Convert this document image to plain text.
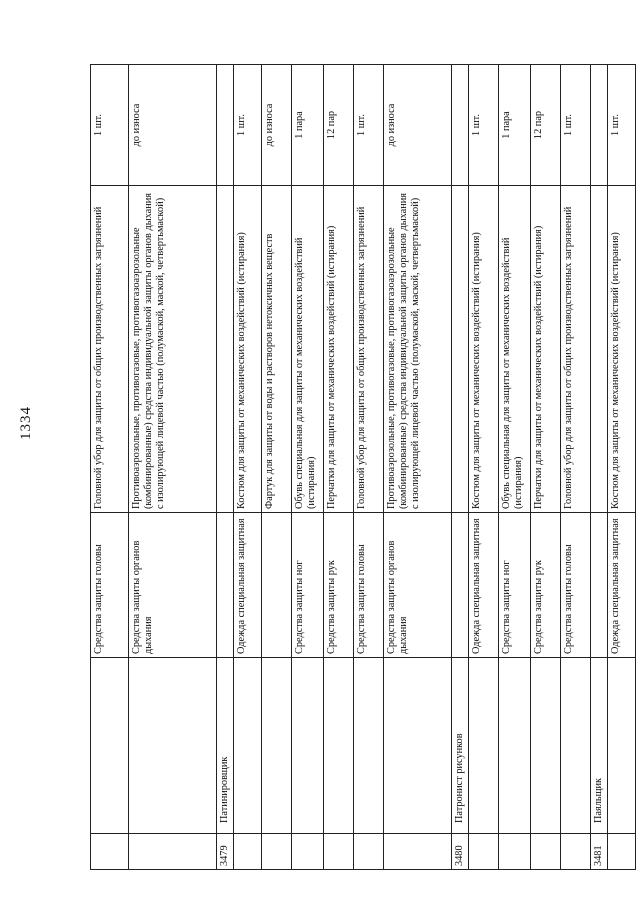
1334
		Средства защиты головы	Головной убор для защиты от общих производственных загрязнений	1 шт.
		Средства защиты органов дыхания	Противоаэрозольные, противогазовые, противогазоаэрозольные (комбинированные) средства индивидуальной защиты органов дыхания с изолирующей лицевой частью (полумаской, маской, четвертьмаской)	до износа
3479	Патинировщик			
		Одежда специальная защитная	Костюм для защиты от механических воздействий (истирания)	1 шт.
			Фартук для защиты от воды и растворов нетоксичных веществ	до износа
		Средства защиты ног	Обувь специальная для защиты от механических воздействий (истирания)	1 пара
		Средства защиты рук	Перчатки для защиты от механических воздействий (истирания)	12 пар
		Средства защиты головы	Головной убор для защиты от общих производственных загрязнений	1 шт.
		Средства защиты органов дыхания	Противоаэрозольные, противогазовые, противогазоаэрозольные (комбинированные) средства индивидуальной защиты органов дыхания с изолирующей лицевой частью (полумаской, маской, четвертьмаской)	до износа
3480	Патронист рисунков			
		Одежда специальная защитная	Костюм для защиты от механических воздействий (истирания)	1 шт.
		Средства защиты ног	Обувь специальная для защиты от механических воздействий (истирания)	1 пара
		Средства защиты рук	Перчатки для защиты от механических воздействий (истирания)	12 пар
		Средства защиты головы	Головной убор для защиты от общих производственных загрязнений	1 шт.
3481	Паяльщик			
		Одежда специальная защитная	Костюм для защиты от механических воздействий (истирания)	1 шт.
